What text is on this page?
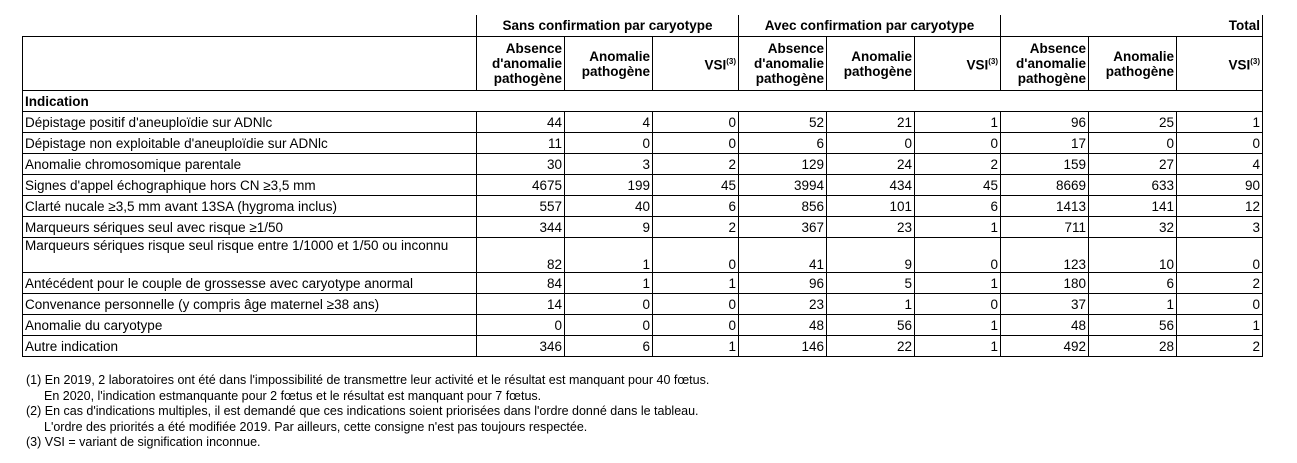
	Sans confirmation par caryotype			Avec confirmation par caryotype			Total		
	Absence d'anomalie pathogène	Anomalie pathogène	VSI$^{(3)}$	Absence d'anomalie pathogène	Anomalie pathogène	VSI$^{(3)}$	Absence d'anomalie pathogène	Anomalie pathogène	VSI$^{(3)}$
Indication									
Dépistage positif d'aneuploïdie sur ADNlc	44	4	0	52	21	1	96	25	1
Dépistage non exploitable d'aneuploïdie sur ADNlc	11	0	0	6	0	0	17	0	0
Anomalie chromosomique parentale	30	3	2	129	24	2	159	27	4
Signes d'appel échographique hors CN ≥3,5 mm	4675	199	45	3994	434	45	8669	633	90
Clarté nucale ≥3,5 mm avant 13SA (hygroma inclus)	557	40	6	856	101	6	1413	141	12
Marqueurs sériques seul avec risque ≥1/50	344	9	2	367	23	1	711	32	3
Marqueurs sériques risque seul risque entre 1/1000 et 1/50 ou inconnu	82	1	0	41	9	0	123	10	0
Antécédent pour le couple de grossesse avec caryotype anormal	84	1	1	96	5	1	180	6	2
Convenance personnelle (y compris âge maternel ≥38 ans)	14	0	0	23	1	0	37	1	0
Anomalie du caryotype	0	0	0	48	56	1	48	56	1
Autre indication	346	6	1	146	22	1	492	28	2

(1) En 2019, 2 laboratoires ont été dans l'impossibilité de transmettre leur activité et le résultat est manquant pour 40 fœtus.

En 2020, l'indication estmanquante pour 2 fœtus et le résultat est manquant pour 7 fœtus.

(2) En cas d'indications multiples, il est demandé que ces indications soient priorisées dans l'ordre donné dans le tableau.

L'ordre des priorités a été modifiée 2019. Par ailleurs, cette consigne n'est pas toujours respectée.

(3) VSI = variant de signification inconnue.
